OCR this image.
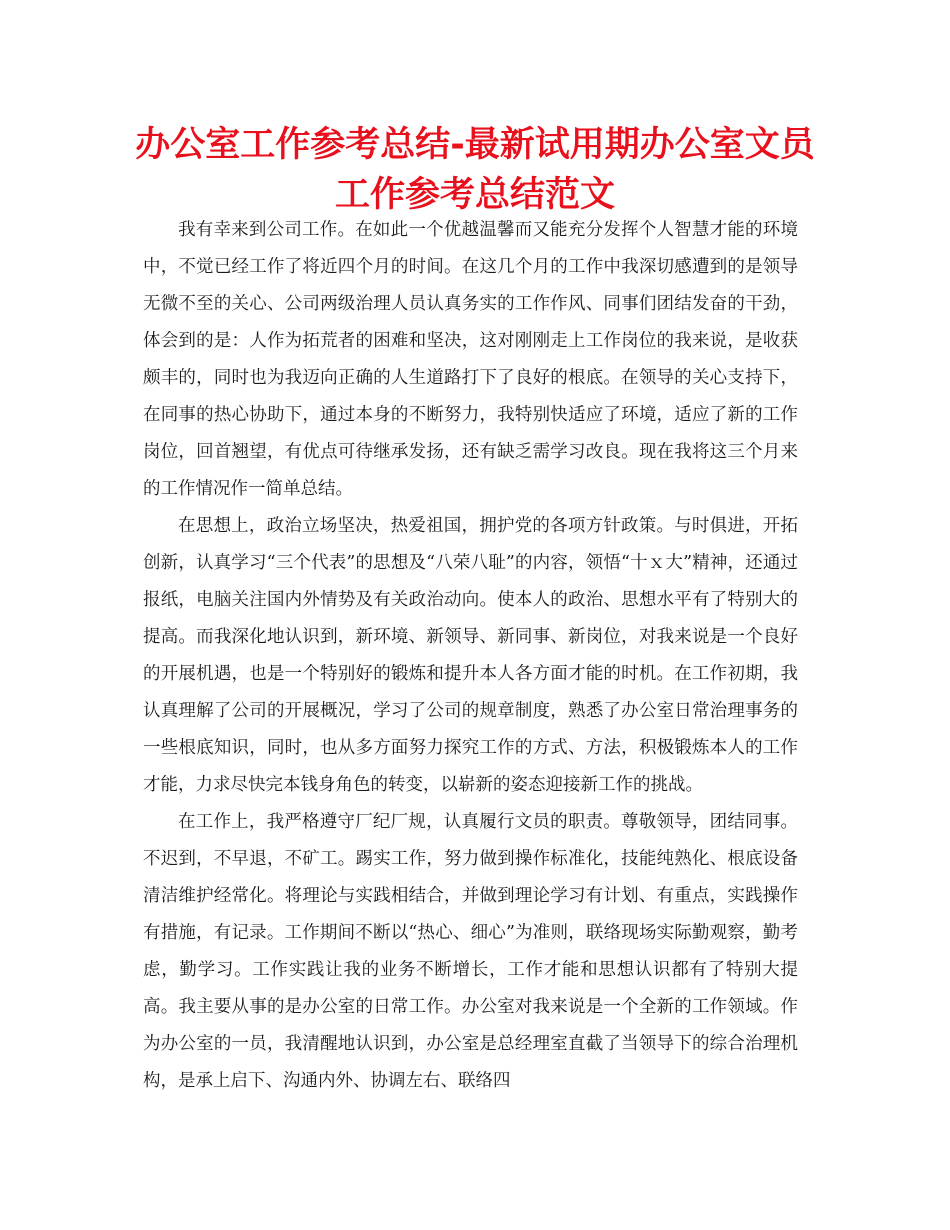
办公室工作参考总结-最新试用期办公室文员工作参考总结范文

我有幸来到公司工作。在如此一个优越温馨而又能充分发挥个人智慧才能的环境中，不觉已经工作了将近四个月的时间。在这几个月的工作中我深切感遭到的是领导无微不至的关心、公司两级治理人员认真务实的工作作风、同事们团结发奋的干劲，体会到的是：人作为拓荒者的困难和坚决，这对刚刚走上工作岗位的我来说，是收获颇丰的，同时也为我迈向正确的人生道路打下了良好的根底。在领导的关心支持下，在同事的热心协助下，通过本身的不断努力，我特别快适应了环境，适应了新的工作岗位，回首翘望，有优点可待继承发扬，还有缺乏需学习改良。现在我将这三个月来的工作情况作一简单总结。

在思想上，政治立场坚决，热爱祖国，拥护党的各项方针政策。与时俱进，开拓创新，认真学习“三个代表”的思想及“八荣八耻”的内容，领悟“十ｘ大”精神，还通过报纸，电脑关注国内外情势及有关政治动向。使本人的政治、思想水平有了特别大的提高。而我深化地认识到，新环境、新领导、新同事、新岗位，对我来说是一个良好的开展机遇，也是一个特别好的锻炼和提升本人各方面才能的时机。在工作初期，我认真理解了公司的开展概况，学习了公司的规章制度，熟悉了办公室日常治理事务的一些根底知识，同时，也从多方面努力探究工作的方式、方法，积极锻炼本人的工作才能，力求尽快完本钱身角色的转变，以崭新的姿态迎接新工作的挑战。

在工作上，我严格遵守厂纪厂规，认真履行文员的职责。尊敬领导，团结同事。不迟到，不早退，不矿工。踢实工作，努力做到操作标准化，技能纯熟化、根底设备清洁维护经常化。将理论与实践相结合，并做到理论学习有计划、有重点，实践操作有措施，有记录。工作期间不断以“热心、细心”为准则，联络现场实际勤观察，勤考虑，勤学习。工作实践让我的业务不断增长，工作才能和思想认识都有了特别大提高。我主要从事的是办公室的日常工作。办公室对我来说是一个全新的工作领域。作为办公室的一员，我清醒地认识到，办公室是总经理室直截了当领导下的综合治理机构，是承上启下、沟通内外、协调左右、联络四
